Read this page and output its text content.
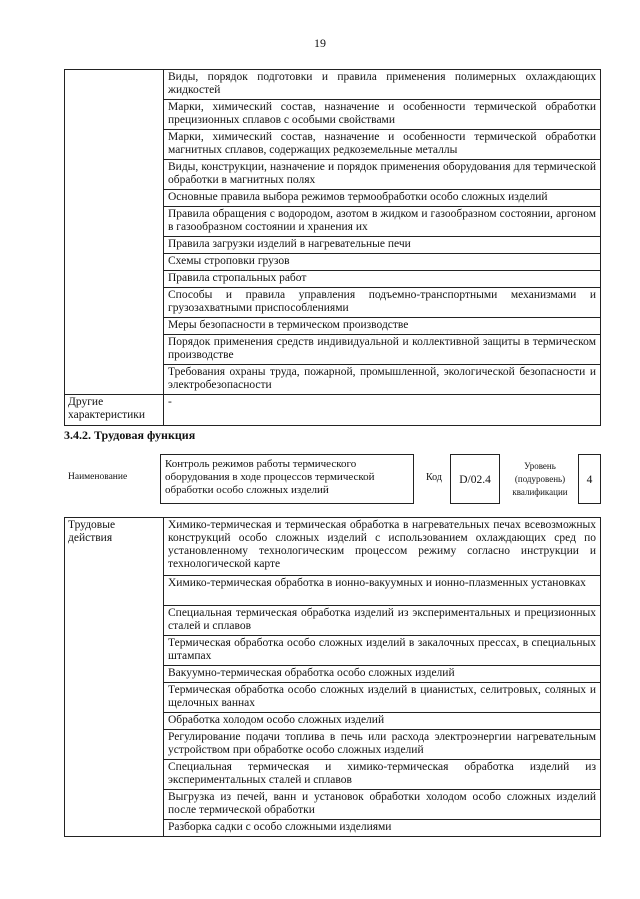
19
	Виды, порядок подготовки и правила применения полимерных охлаждающих жидкостей
	Марки, химический состав, назначение и особенности термической обработки прецизионных сплавов с особыми свойствами
	Марки, химический состав, назначение и особенности термической обработки магнитных сплавов, содержащих редкоземельные металлы
	Виды, конструкции, назначение и порядок применения оборудования для термической обработки в магнитных полях
	Основные правила выбора режимов термообработки особо сложных изделий
	Правила обращения с водородом, азотом в жидком и газообразном состоянии, аргоном в газообразном состоянии и хранения их
	Правила загрузки изделий в нагревательные печи
	Схемы строповки грузов
	Правила стропальных работ
	Способы и правила управления подъемно-транспортными механизмами и грузозахватными приспособлениями
	Меры безопасности в термическом производстве
	Порядок применения средств индивидуальной и коллективной защиты в термическом производстве
	Требования охраны труда, пожарной, промышленной, экологической безопасности и электробезопасности
Другие характеристики	-
3.4.2. Трудовая функция
Наименование
Контроль режимов работы термического оборудования в ходе процессов термической обработки особо сложных изделий
Код	D/02.4
Уровень (подуровень) квалификации
4
Трудовые действия	Химико-термическая и термическая обработка в нагревательных печах всевозможных конструкций особо сложных изделий с использованием охлаждающих сред по установленному технологическим процессом режиму согласно инструкции и технологической карте
Химико-термическая обработка в ионно-вакуумных и ионно-плазменных установках
Специальная термическая обработка изделий из экспериментальных и прецизионных сталей и сплавов
Термическая обработка особо сложных изделий в закалочных прессах, в специальных штампах
Вакуумно-термическая обработка особо сложных изделий
Термическая обработка особо сложных изделий в цианистых, селитровых, соляных и щелочных ваннах
Обработка холодом особо сложных изделий
Регулирование подачи топлива в печь или расхода электроэнергии нагревательным устройством при обработке особо сложных изделий
Специальная термическая и химико-термическая обработка изделий из экспериментальных сталей и сплавов
Выгрузка из печей, ванн и установок обработки холодом особо сложных изделий после термической обработки
Разборка садки с особо сложными изделиями
